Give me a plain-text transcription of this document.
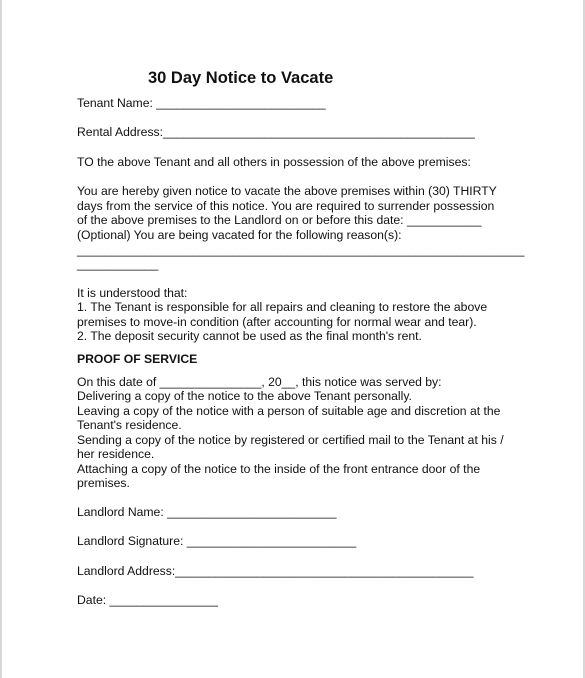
30 Day Notice to Vacate
Tenant Name: _________________________
Rental Address:______________________________________________
TO the above Tenant and all others in possession of the above premises:
You are hereby given notice to vacate the above premises within (30) THIRTY
days from the service of this notice. You are required to surrender possession
of the above premises to the Landlord on or before this date: ___________
(Optional) You are being vacated for the following reason(s):
__________________________________________________________________
____________
It is understood that:
1. The Tenant is responsible for all repairs and cleaning to restore the above
premises to move-in condition (after accounting for normal wear and tear).
2. The deposit security cannot be used as the final month's rent.
PROOF OF SERVICE
On this date of _______________, 20__, this notice was served by:
Delivering a copy of the notice to the above Tenant personally.
Leaving a copy of the notice with a person of suitable age and discretion at the
Tenant's residence.
Sending a copy of the notice by registered or certified mail to the Tenant at his /
her residence.
Attaching a copy of the notice to the inside of the front entrance door of the
premises.
Landlord Name: _________________________
Landlord Signature: _________________________
Landlord Address:____________________________________________
Date: ________________
